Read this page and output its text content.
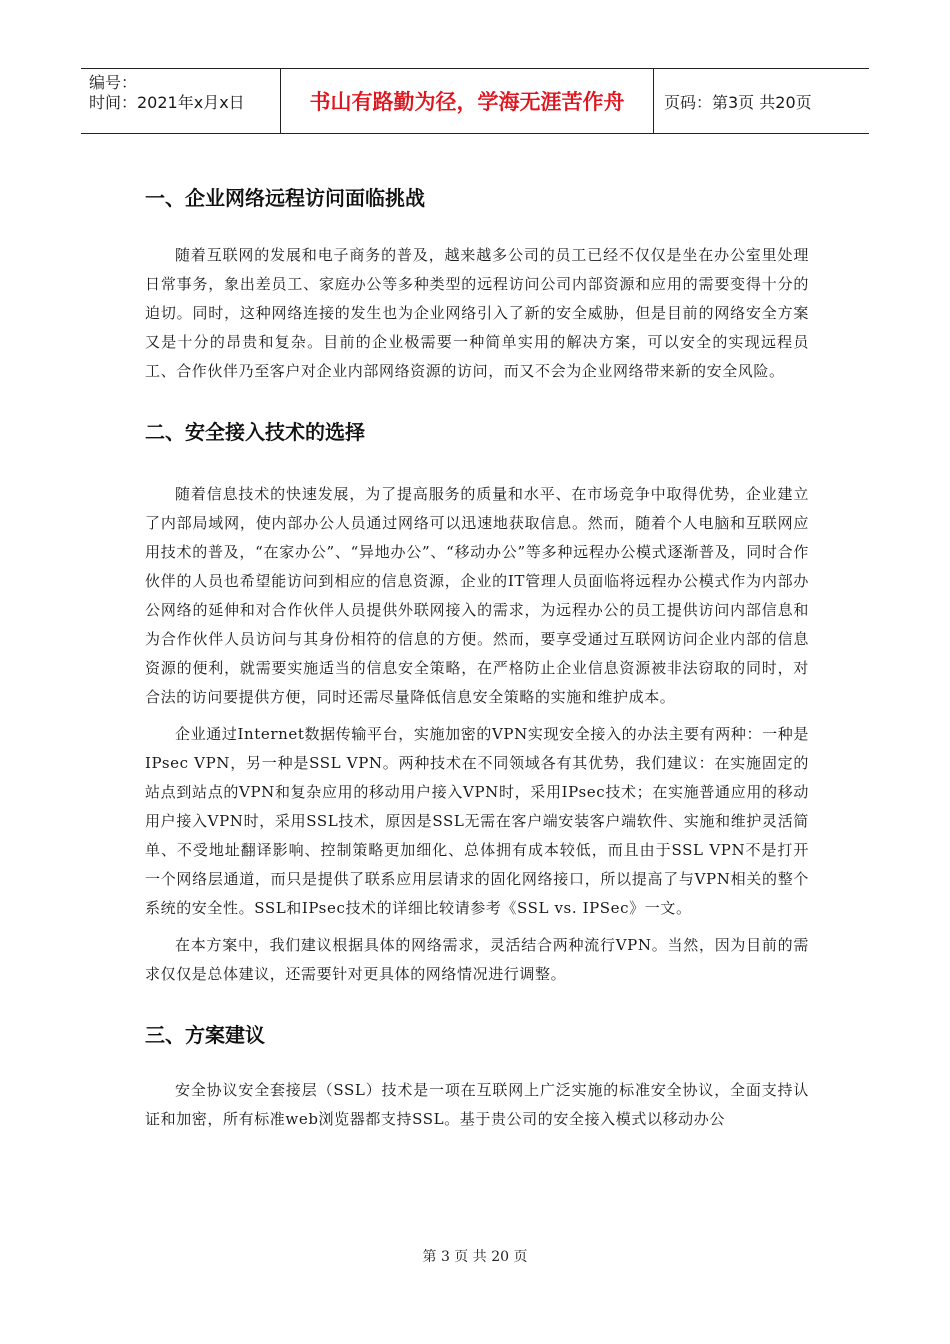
编号：
时间：2021年x月x日	书山有路勤为径，学海无涯苦作舟	页码：第3页 共20页
一、企业网络远程访问面临挑战

随着互联网的发展和电子商务的普及，越来越多公司的员工已经不仅仅是坐在办公室里处理日常事务，象出差员工、家庭办公等多种类型的远程访问公司内部资源和应用的需要变得十分的迫切。同时，这种网络连接的发生也为企业网络引入了新的安全威胁，但是目前的网络安全方案又是十分的昂贵和复杂。目前的企业极需要一种简单实用的解决方案，可以安全的实现远程员工、合作伙伴乃至客户对企业内部网络资源的访问，而又不会为企业网络带来新的安全风险。

二、安全接入技术的选择

随着信息技术的快速发展，为了提高服务的质量和水平、在市场竞争中取得优势，企业建立了内部局域网，使内部办公人员通过网络可以迅速地获取信息。然而，随着个人电脑和互联网应用技术的普及，“在家办公”、“异地办公”、“移动办公”等多种远程办公模式逐渐普及，同时合作伙伴的人员也希望能访问到相应的信息资源，企业的IT管理人员面临将远程办公模式作为内部办公网络的延伸和对合作伙伴人员提供外联网接入的需求，为远程办公的员工提供访问内部信息和为合作伙伴人员访问与其身份相符的信息的方便。然而，要享受通过互联网访问企业内部的信息资源的便利，就需要实施适当的信息安全策略，在严格防止企业信息资源被非法窃取的同时，对合法的访问要提供方便，同时还需尽量降低信息安全策略的实施和维护成本。

企业通过Internet数据传输平台，实施加密的VPN实现安全接入的办法主要有两种：一种是IPsec VPN，另一种是SSL VPN。两种技术在不同领域各有其优势，我们建议：在实施固定的站点到站点的VPN和复杂应用的移动用户接入VPN时，采用IPsec技术；在实施普通应用的移动用户接入VPN时，采用SSL技术，原因是SSL无需在客户端安装客户端软件、实施和维护灵活简单、不受地址翻译影响、控制策略更加细化、总体拥有成本较低，而且由于SSL VPN不是打开一个网络层通道，而只是提供了联系应用层请求的固化网络接口，所以提高了与VPN相关的整个系统的安全性。SSL和IPsec技术的详细比较请参考《SSL vs. IPSec》一文。

在本方案中，我们建议根据具体的网络需求，灵活结合两种流行VPN。当然，因为目前的需求仅仅是总体建议，还需要针对更具体的网络情况进行调整。

三、方案建议

安全协议安全套接层（SSL）技术是一项在互联网上广泛实施的标准安全协议，全面支持认证和加密，所有标准web浏览器都支持SSL。基于贵公司的安全接入模式以移动办公

第 3 页 共 20 页
